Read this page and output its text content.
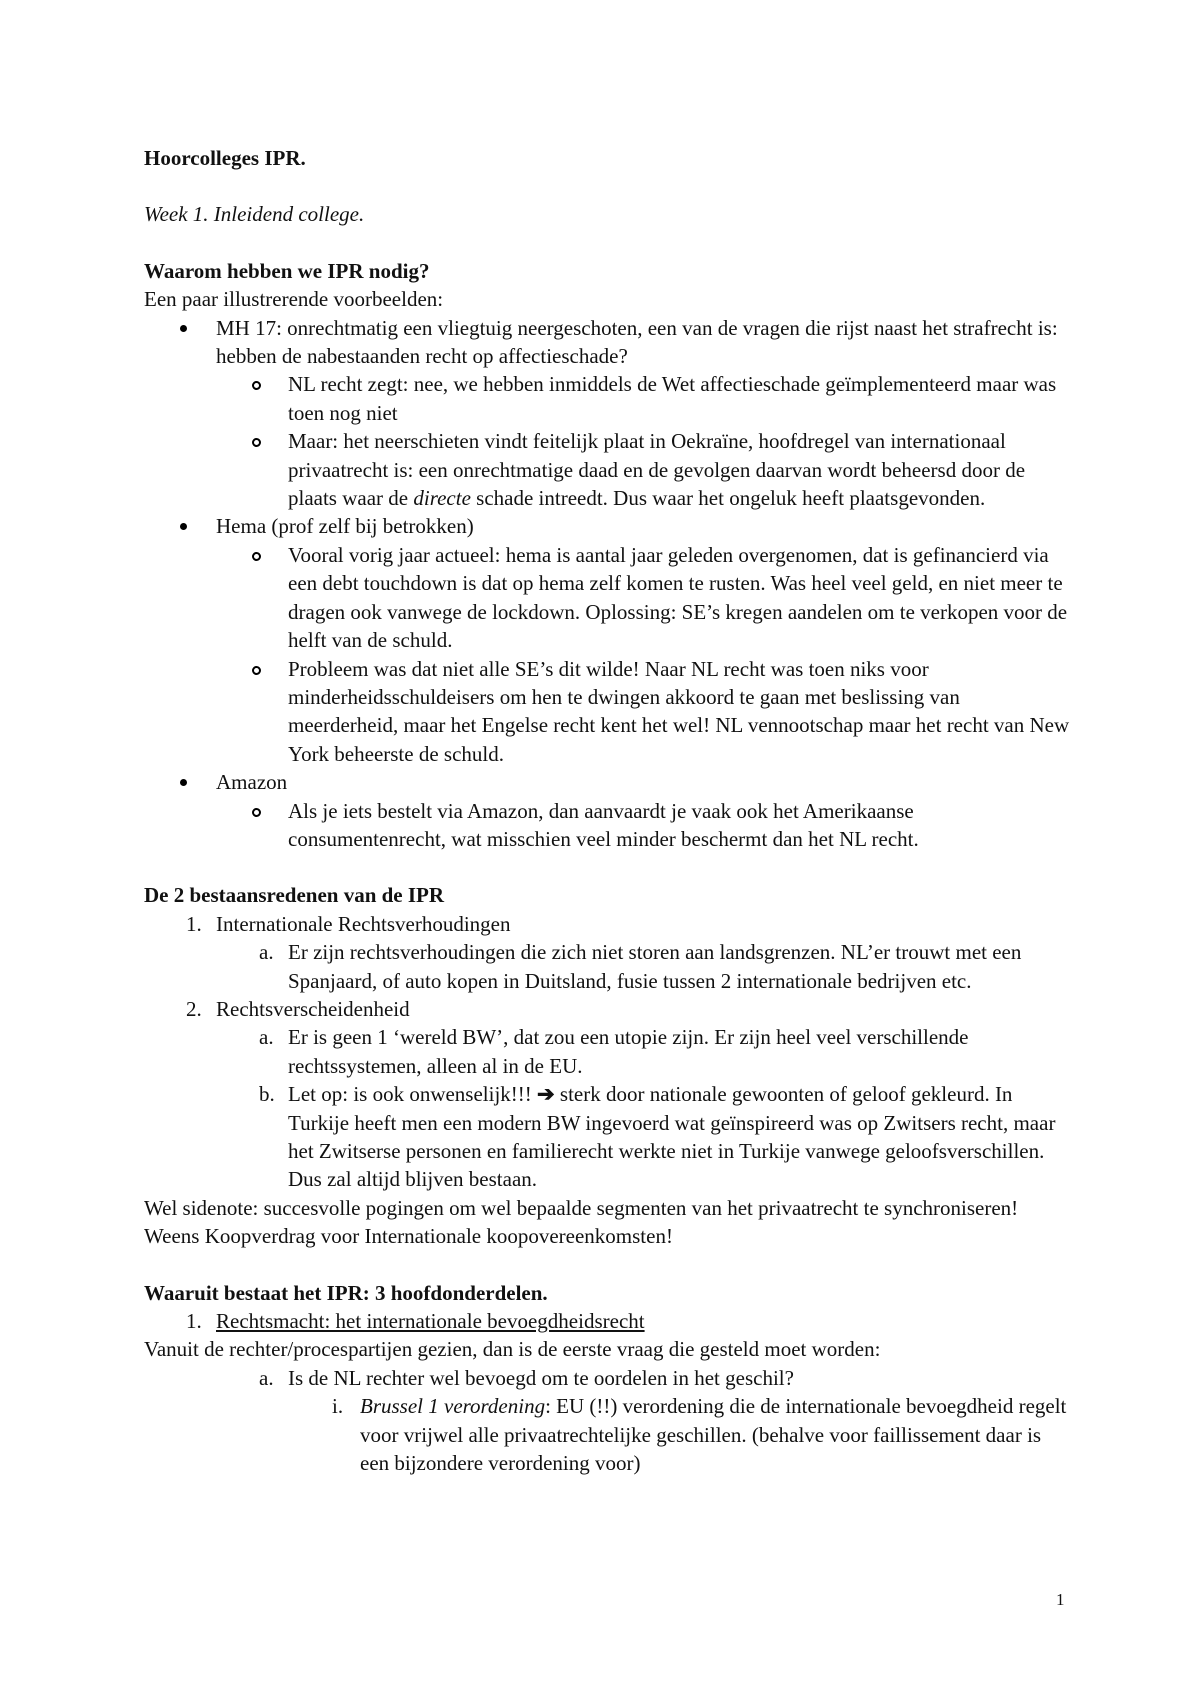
Hoorcolleges IPR.

Week 1. Inleidend college.

Waarom hebben we IPR nodig?

Een paar illustrerende voorbeelden:

MH 17: onrechtmatig een vliegtuig neergeschoten, een van de vragen die rijst naast het strafrecht is: hebben de nabestaanden recht op affectieschade?
NL recht zegt: nee, we hebben inmiddels de Wet affectieschade geïmplementeerd maar was toen nog niet
Maar: het neerschieten vindt feitelijk plaat in Oekraïne, hoofdregel van internationaal privaatrecht is: een onrechtmatige daad en de gevolgen daarvan wordt beheersd door de plaats waar de directe schade intreedt. Dus waar het ongeluk heeft plaatsgevonden.
Hema (prof zelf bij betrokken)
Vooral vorig jaar actueel: hema is aantal jaar geleden overgenomen, dat is gefinancierd via een debt touchdown is dat op hema zelf komen te rusten. Was heel veel geld, en niet meer te dragen ook vanwege de lockdown. Oplossing: SE’s kregen aandelen om te verkopen voor de helft van de schuld.
Probleem was dat niet alle SE’s dit wilde! Naar NL recht was toen niks voor minderheidsschuldeisers om hen te dwingen akkoord te gaan met beslissing van meerderheid, maar het Engelse recht kent het wel! NL vennootschap maar het recht van New York beheerste de schuld.
Amazon
Als je iets bestelt via Amazon, dan aanvaardt je vaak ook het Amerikaanse consumentenrecht, wat misschien veel minder beschermt dan het NL recht.

De 2 bestaansredenen van de IPR

1. Internationale Rechtsverhoudingen
a. Er zijn rechtsverhoudingen die zich niet storen aan landsgrenzen. NL’er trouwt met een Spanjaard, of auto kopen in Duitsland, fusie tussen 2 internationale bedrijven etc.
2. Rechtsverscheidenheid
a. Er is geen 1 ‘wereld BW’, dat zou een utopie zijn. Er zijn heel veel verschillende rechtssystemen, alleen al in de EU.
b. Let op: is ook onwenselijk!!! ➔ sterk door nationale gewoonten of geloof gekleurd. In Turkije heeft men een modern BW ingevoerd wat geïnspireerd was op Zwitsers recht, maar het Zwitserse personen en familierecht werkte niet in Turkije vanwege geloofsverschillen. Dus zal altijd blijven bestaan.

Wel sidenote: succesvolle pogingen om wel bepaalde segmenten van het privaatrecht te synchroniseren! Weens Koopverdrag voor Internationale koopovereenkomsten!

Waaruit bestaat het IPR: 3 hoofdonderdelen.

1. Rechtsmacht: het internationale bevoegdheidsrecht

Vanuit de rechter/procespartijen gezien, dan is de eerste vraag die gesteld moet worden:

a. Is de NL rechter wel bevoegd om te oordelen in het geschil?
i. Brussel 1 verordening: EU (!!) verordening die de internationale bevoegdheid regelt voor vrijwel alle privaatrechtelijke geschillen. (behalve voor faillissement daar is een bijzondere verordening voor)
1
